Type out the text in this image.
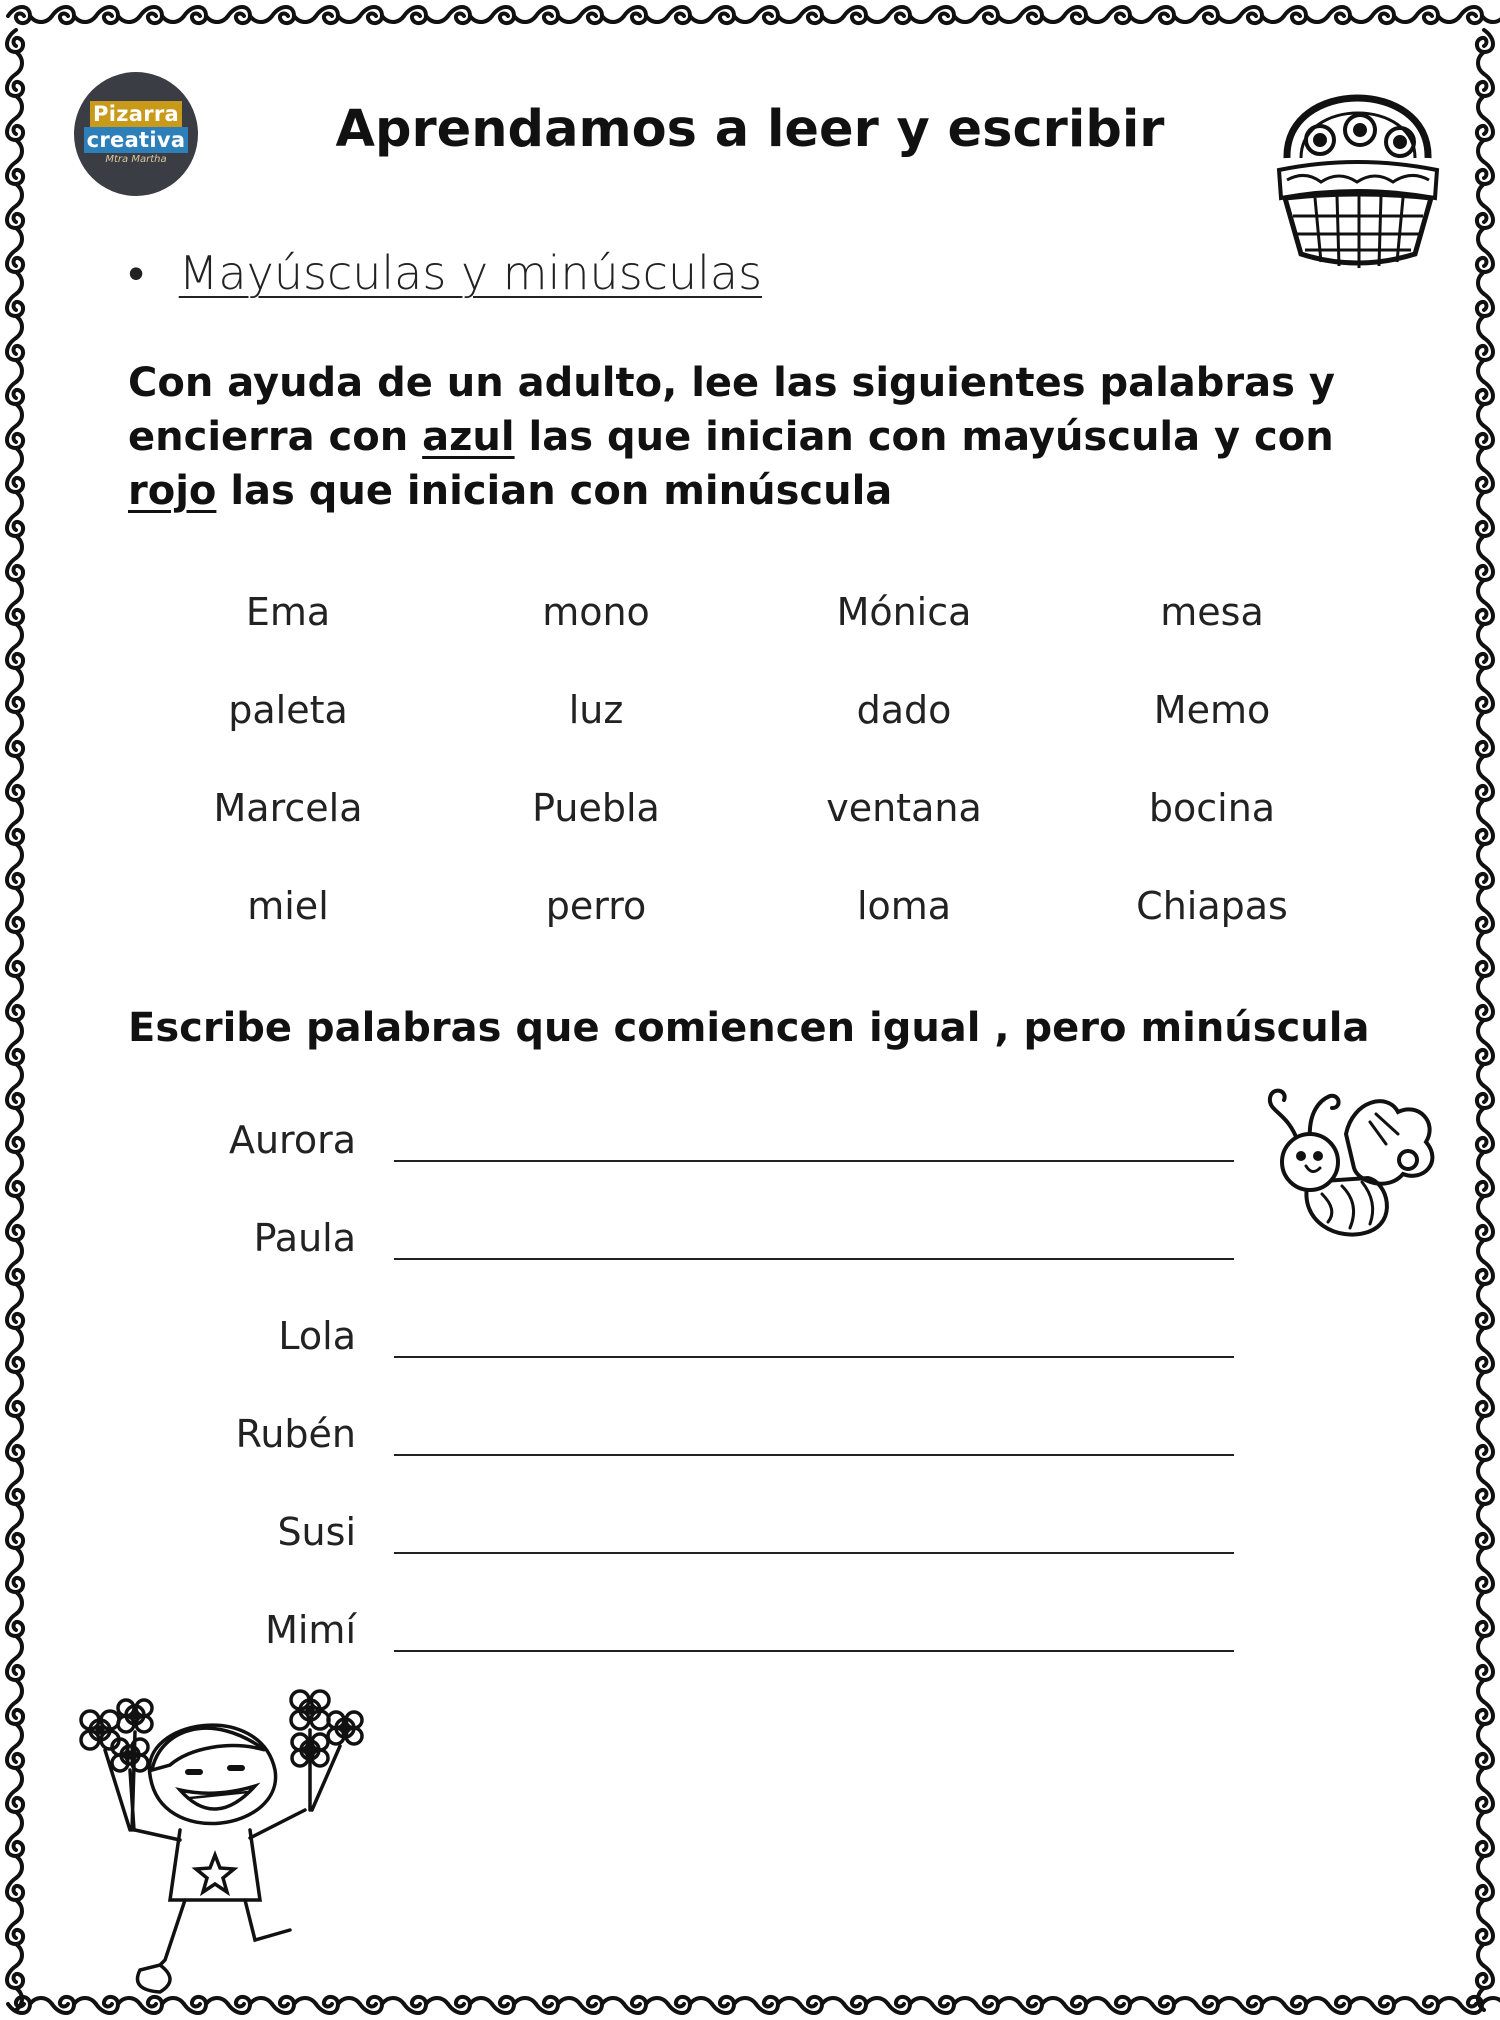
Pizarra
creativa
Mtra Martha
Aprendamos a leer y escribir
• Mayúsculas y minúsculas
Con ayuda de un adulto, lee las siguientes palabras y encierra con azul las que inician con mayúscula y con rojo las que inician con minúscula
Ema	mono	Mónica	mesa
paleta	luz	dado	Memo
Marcela	Puebla	ventana	bocina
miel	perro	loma	Chiapas
Escribe palabras que comiencen igual , pero minúscula
Aurora
Paula
Lola
Rubén
Susi
Mimí
